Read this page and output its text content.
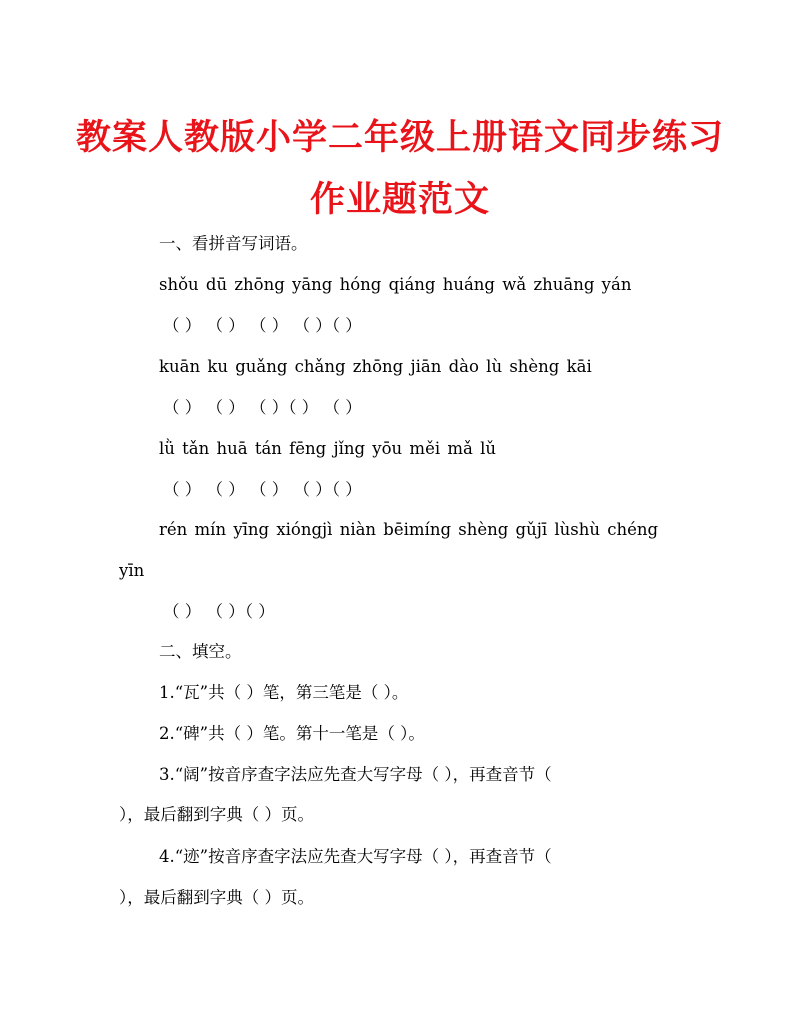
教案人教版小学二年级上册语文同步练习
作业题范文
一、看拼音写词语。
shǒu dū zhōng yāng hóng qiáng huáng wǎ zhuāng yán
（ ） （ ） （ ） （ ）（ ）
kuān ku guǎng chǎng zhōng jiān dào lù shèng kāi
（ ） （ ） （ ）（ ） （ ）
lǜ tǎn huā tán fēng jǐng yōu měi mǎ lǔ
（ ） （ ） （ ） （ ）（ ）
rén mín yīng xióngjì niàn bēimíng shèng gǔjī lùshù chéng
yīn
（ ） （ ）（ ）
二、填空。
1.“瓦”共（ ）笔，第三笔是（ ）。
2.“碑”共（ ）笔。第十一笔是（ ）。
3.“阔”按音序查字法应先查大写字母（ ），再查音节（
），最后翻到字典（ ）页。
4.“迹”按音序查字法应先查大写字母（ ），再查音节（
），最后翻到字典（ ）页。
